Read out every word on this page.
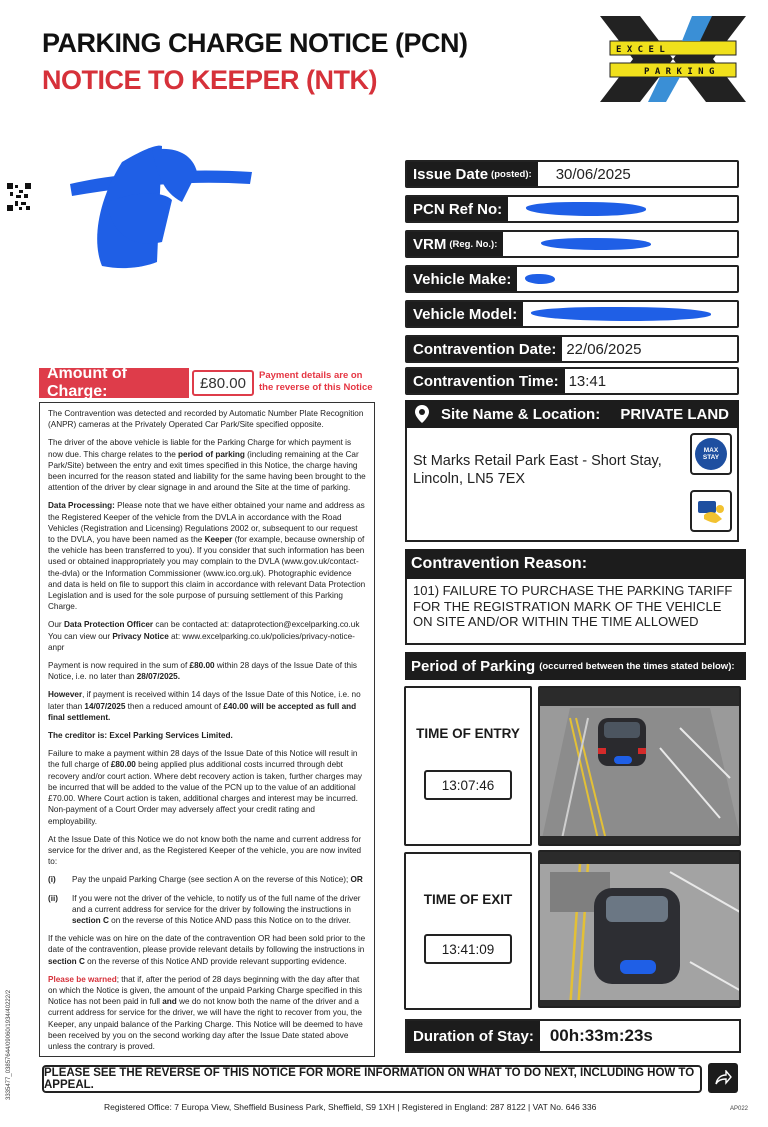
PARKING CHARGE NOTICE (PCN)
NOTICE TO KEEPER (NTK)
E X C E L
P A R K I N G
Amount of Charge:	£80.00	Payment details are on
the reverse of this Notice

The Contravention was detected and recorded by Automatic Number Plate Recognition (ANPR) cameras at the Privately Operated Car Park/Site specified opposite.

The driver of the above vehicle is liable for the Parking Charge for which payment is now due. This charge relates to the period of parking (including remaining at the Car Park/Site) between the entry and exit times specified in this Notice, the charge having been incurred for the reason stated and liability for the same having been brought to the attention of the driver by clear signage in and around the Site at the time of parking.

Data Processing: Please note that we have either obtained your name and address as the Registered Keeper of the vehicle from the DVLA in accordance with the Road Vehicles (Registration and Licensing) Regulations 2002 or, subsequent to our request to the DVLA, you have been named as the Keeper (for example, because ownership of the vehicle has been transferred to you). If you consider that such information has been used or obtained inappropriately you may complain to the DVLA (www.gov.uk/contact-the-dvla) or the Information Commissioner (www.ico.org.uk). Photographic evidence and data is held on file to support this claim in accordance with relevant Data Protection Legislation and is used for the sole purpose of pursuing settlement of this Parking Charge.

Our Data Protection Officer can be contacted at: dataprotection@excelparking.co.uk
You can view our Privacy Notice at: www.excelparking.co.uk/policies/privacy-notice-anpr

Payment is now required in the sum of £80.00 within 28 days of the Issue Date of this Notice, i.e. no later than 28/07/2025.

However, if payment is received within 14 days of the Issue Date of this Notice, i.e. no later than 14/07/2025 then a reduced amount of £40.00 will be accepted as full and final settlement.

The creditor is: Excel Parking Services Limited.

Failure to make a payment within 28 days of the Issue Date of this Notice will result in the full charge of £80.00 being applied plus additional costs incurred through debt recovery and/or court action. Where debt recovery action is taken, further charges may be incurred that will be added to the value of the PCN up to the value of an additional £70.00. Where Court action is taken, additional charges and interest may be incurred. Non-payment of a Court Order may adversely affect your credit rating and employability.

At the Issue Date of this Notice we do not know both the name and current address for service for the driver and, as the Registered Keeper of the vehicle, you are now invited to:

(i)	Pay the unpaid Parking Charge (see section A on the reverse of this Notice); OR
(ii)	If you were not the driver of the vehicle, to notify us of the full name of the driver and a current address for service for the driver by following the instructions in section C on the reverse of this Notice AND pass this Notice on to the driver.

If the vehicle was on hire on the date of the contravention OR had been sold prior to the date of the contravention, please provide relevant details by following the instructions in section C on the reverse of this Notice AND provide relevant supporting evidence.

Please be warned; that if, after the period of 28 days beginning with the day after that on which the Notice is given, the amount of the unpaid Parking Charge specified in this Notice has not been paid in full and we do not know both the name of the driver and a current address for service for the driver, we will have the right to recover from you, the Keeper, any unpaid balance of the Parking Charge. This Notice will be deemed to have been received by you on the second working day after the Issue Date stated above unless the contrary is proved.

Issue Date (posted):	30/06/2025
PCN Ref No:
VRM (Reg. No.):
Vehicle Make:
Vehicle Model:
Contravention Date: 22/06/2025
Contravention Time: 13:41
Site Name & Location: PRIVATE LAND
St Marks Retail Park East - Short Stay,
Lincoln, LN5 7EX
MAX
STAY
Contravention Reason:
101) FAILURE TO PURCHASE THE PARKING TARIFF FOR THE REGISTRATION MARK OF THE VEHICLE ON SITE AND/OR WITHIN THE TIME ALLOWED
Period of Parking (occurred between the times stated below):
TIME OF ENTRY
13:07:46
TIME OF EXIT
13:41:09
Duration of Stay: 00h:33m:23s
PLEASE SEE THE REVERSE OF THIS NOTICE FOR MORE INFORMATION ON WHAT TO DO NEXT, INCLUDING HOW TO APPEAL.
Registered Office: 7 Europa View, Sheffield Business Park, Sheffield, S9 1XH | Registered in England: 287 8122 | VAT No. 646 336	AP022
3335477_03857644/09060/1934/40222/2
